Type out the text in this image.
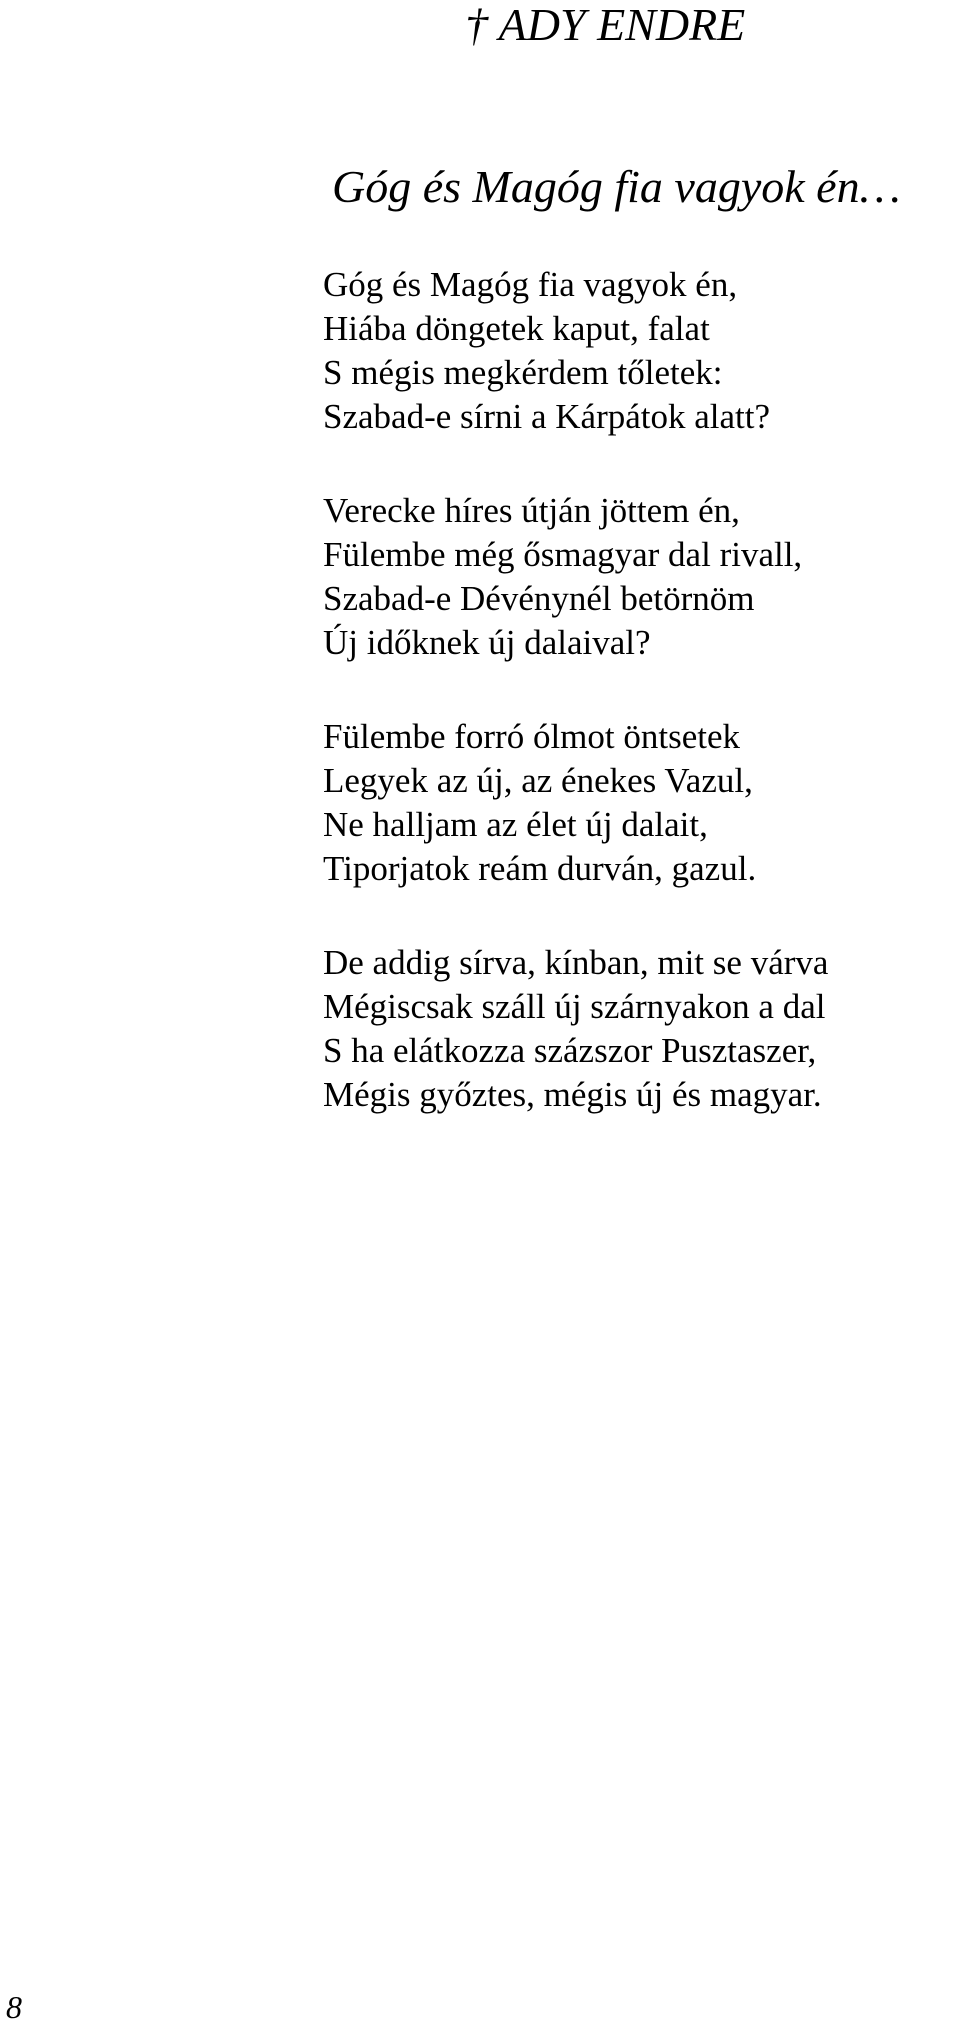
† ADY ENDRE
Góg és Magóg fia vagyok én…
Góg és Magóg fia vagyok én,
Hiába döngetek kaput, falat
S mégis megkérdem tőletek:
Szabad-e sírni a Kárpátok alatt?
Verecke híres útján jöttem én,
Fülembe még ősmagyar dal rivall,
Szabad-e Dévénynél betörnöm
Új időknek új dalaival?
Fülembe forró ólmot öntsetek
Legyek az új, az énekes Vazul,
Ne halljam az élet új dalait,
Tiporjatok reám durván, gazul.
De addig sírva, kínban, mit se várva
Mégiscsak száll új szárnyakon a dal
S ha elátkozza százszor Pusztaszer,
Mégis győztes, mégis új és magyar.
8
